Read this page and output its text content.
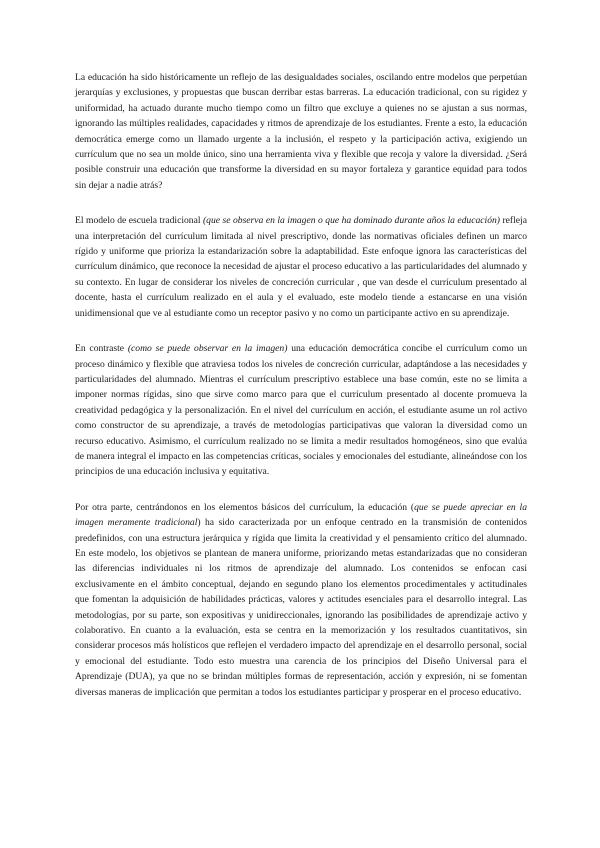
La educación ha sido históricamente un reflejo de las desigualdades sociales, oscilando entre modelos que perpetúan jerarquías y exclusiones, y propuestas que buscan derribar estas barreras. La educación tradicional, con su rigidez y uniformidad, ha actuado durante mucho tiempo como un filtro que excluye a quienes no se ajustan a sus normas, ignorando las múltiples realidades, capacidades y ritmos de aprendizaje de los estudiantes. Frente a esto, la educación democrática emerge como un llamado urgente a la inclusión, el respeto y la participación activa, exigiendo un currículum que no sea un molde único, sino una herramienta viva y flexible que recoja y valore la diversidad. ¿Será posible construir una educación que transforme la diversidad en su mayor fortaleza y garantice equidad para todos sin dejar a nadie atrás?

El modelo de escuela tradicional (que se observa en la imagen o que ha dominado durante años la educación) refleja una interpretación del currículum limitada al nivel prescriptivo, donde las normativas oficiales definen un marco rígido y uniforme que prioriza la estandarización sobre la adaptabilidad. Este enfoque ignora las características del currículum dinámico, que reconoce la necesidad de ajustar el proceso educativo a las particularidades del alumnado y su contexto. En lugar de considerar los niveles de concreción curricular , que van desde el currículum presentado al docente, hasta el currículum realizado en el aula y el evaluado, este modelo tiende a estancarse en una visión unidimensional que ve al estudiante como un receptor pasivo y no como un participante activo en su aprendizaje.

En contraste (como se puede observar en la imagen) una educación democrática concibe el currículum como un proceso dinámico y flexible que atraviesa todos los niveles de concreción curricular, adaptándose a las necesidades y particularidades del alumnado. Mientras el currículum prescriptivo establece una base común, este no se limita a imponer normas rígidas, sino que sirve como marco para que el currículum presentado al docente promueva la creatividad pedagógica y la personalización. En el nivel del currículum en acción, el estudiante asume un rol activo como constructor de su aprendizaje, a través de metodologías participativas que valoran la diversidad como un recurso educativo. Asimismo, el currículum realizado no se limita a medir resultados homogéneos, sino que evalúa de manera integral el impacto en las competencias críticas, sociales y emocionales del estudiante, alineándose con los principios de una educación inclusiva y equitativa.

Por otra parte, centrándonos en los elementos básicos del currículum, la educación (que se puede apreciar en la imagen meramente tradicional) ha sido caracterizada por un enfoque centrado en la transmisión de contenidos predefinidos, con una estructura jerárquica y rígida que limita la creatividad y el pensamiento crítico del alumnado. En este modelo, los objetivos se plantean de manera uniforme, priorizando metas estandarizadas que no consideran las diferencias individuales ni los ritmos de aprendizaje del alumnado. Los contenidos se enfocan casi exclusivamente en el ámbito conceptual, dejando en segundo plano los elementos procedimentales y actitudinales que fomentan la adquisición de habilidades prácticas, valores y actitudes esenciales para el desarrollo integral. Las metodologías, por su parte, son expositivas y unidireccionales, ignorando las posibilidades de aprendizaje activo y colaborativo. En cuanto a la evaluación, esta se centra en la memorización y los resultados cuantitativos, sin considerar procesos más holísticos que reflejen el verdadero impacto del aprendizaje en el desarrollo personal, social y emocional del estudiante. Todo esto muestra una carencia de los principios del Diseño Universal para el Aprendizaje (DUA), ya que no se brindan múltiples formas de representación, acción y expresión, ni se fomentan diversas maneras de implicación que permitan a todos los estudiantes participar y prosperar en el proceso educativo.
